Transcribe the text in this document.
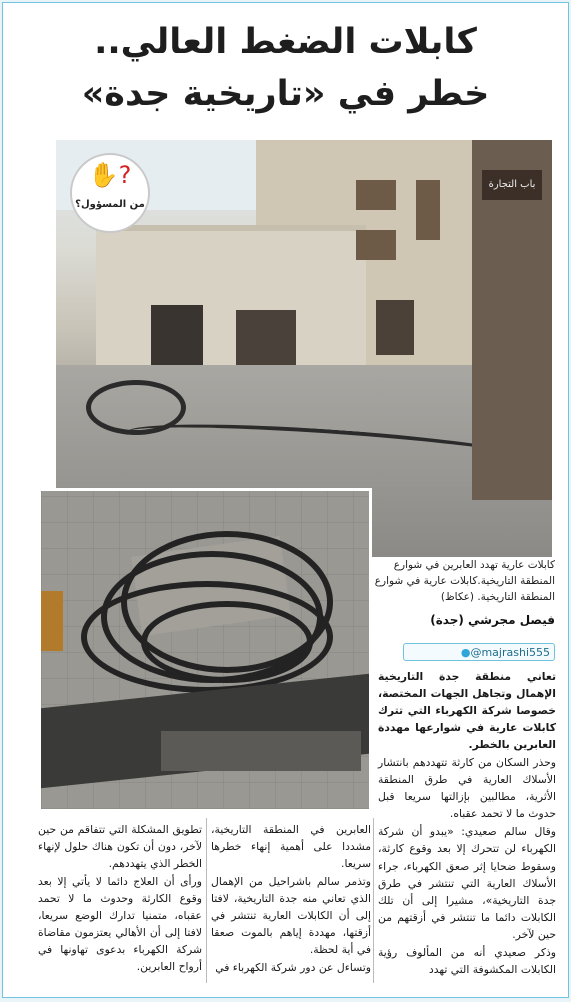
كابلات الضغط العالي..
خطر في «تاريخية جدة»
باب التجارة
?✋
من المسؤول؟
كابلات عارية تهدد العابرين في شوارع المنطقة التاريخية.كابلات عارية في شوارع المنطقة التاريخية. (عكاظ)
فيصل مجرشي (جدة)
●@majrashi555

تعاني منطقة جدة التاريخية الإهمال وتجاهل الجهات المختصة، خصوصا شركة الكهرباء التي تترك كابلات عارية في شوارعها مهددة العابرين بالخطر.

وحذر السكان من كارثة تتهددهم بانتشار الأسلاك العارية في طرق المنطقة الأثرية، مطالبين بإزالتها سريعا قبل حدوث ما لا تحمد عقباه.

وقال سالم صعيدي: «يبدو أن شركة الكهرباء لن تتحرك إلا بعد وقوع كارثة، وسقوط ضحايا إثر صعق الكهرباء، جراء الأسلاك العارية التي تنتشر في طرق جدة التاريخية»، مشيرا إلى أن تلك الكابلات دائما ما تنتشر في أزقتهم من حين لآخر.

وذكر صعيدي أنه من المألوف رؤية الكابلات المكشوفة التي تهدد

العابرين في المنطقة التاريخية، مشددا على أهمية إنهاء خطرها سريعا.

وتذمر سالم باشراحيل من الإهمال الذي تعاني منه جدة التاريخية، لافتا إلى أن الكابلات العارية تنتشر في أزقتها، مهددة إياهم بالموت صعقا في أية لحظة.

وتساءل عن دور شركة الكهرباء في

تطويق المشكلة التي تتفاقم من حين لآخر، دون أن تكون هناك حلول لإنهاء الخطر الذي يتهددهم.

ورأى أن العلاج دائما لا يأتي إلا بعد وقوع الكارثة وحدوث ما لا تحمد عقباه، متمنيا تدارك الوضع سريعا، لافتا إلى أن الأهالي يعتزمون مقاضاة شركة الكهرباء بدعوى تهاونها في أرواح العابرين.
